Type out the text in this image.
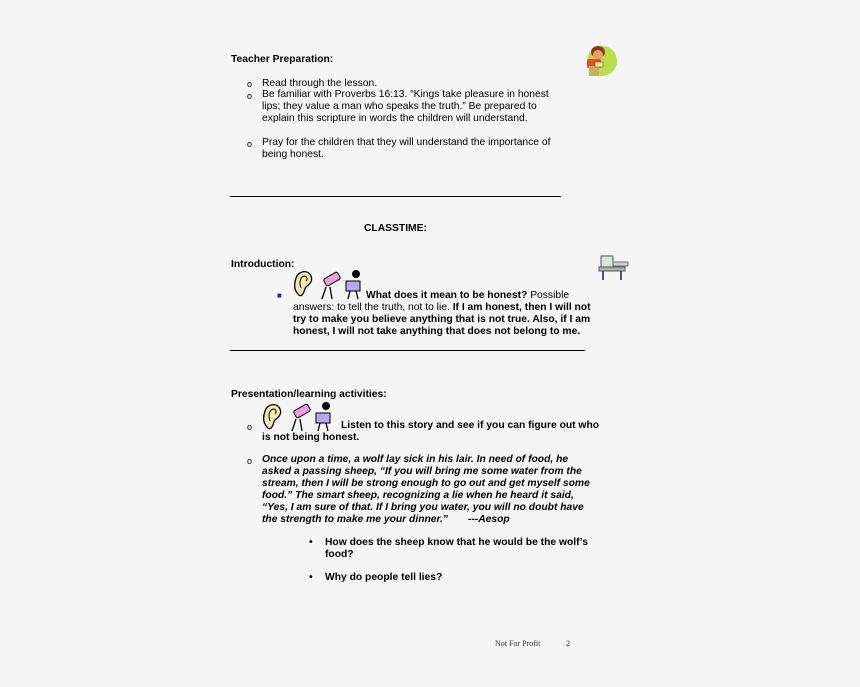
Teacher Preparation:
o Read through the lesson.
o Be familiar with Proverbs 16:13. “Kings take pleasure in honest
lips; they value a man who speaks the truth.” Be prepared to
explain this scripture in words the children will understand.
o Pray for the children that they will understand the importance of
being honest.
CLASSTIME:
Introduction:
■	What does it mean to be honest? Possible
answers: to tell the truth, not to lie. If I am honest, then I will not
try to make you believe anything that is not true. Also, if I am
honest, I will not take anything that does not belong to me.
Presentation/learning activities:
o	Listen to this story and see if you can figure out who
is not being honest.
o Once upon a time, a wolf lay sick in his lair. In need of food, he
asked a passing sheep, “If you will bring me some water from the
stream, then I will be strong enough to go out and get myself some
food.” The smart sheep, recognizing a lie when he heard it said,
“Yes, I am sure of that. If I bring you water, you will no doubt have
the strength to make me your dinner.” ---Aesop
• How does the sheep know that he would be the wolf’s
food?
• Why do people tell lies?
Not For Profit	2
